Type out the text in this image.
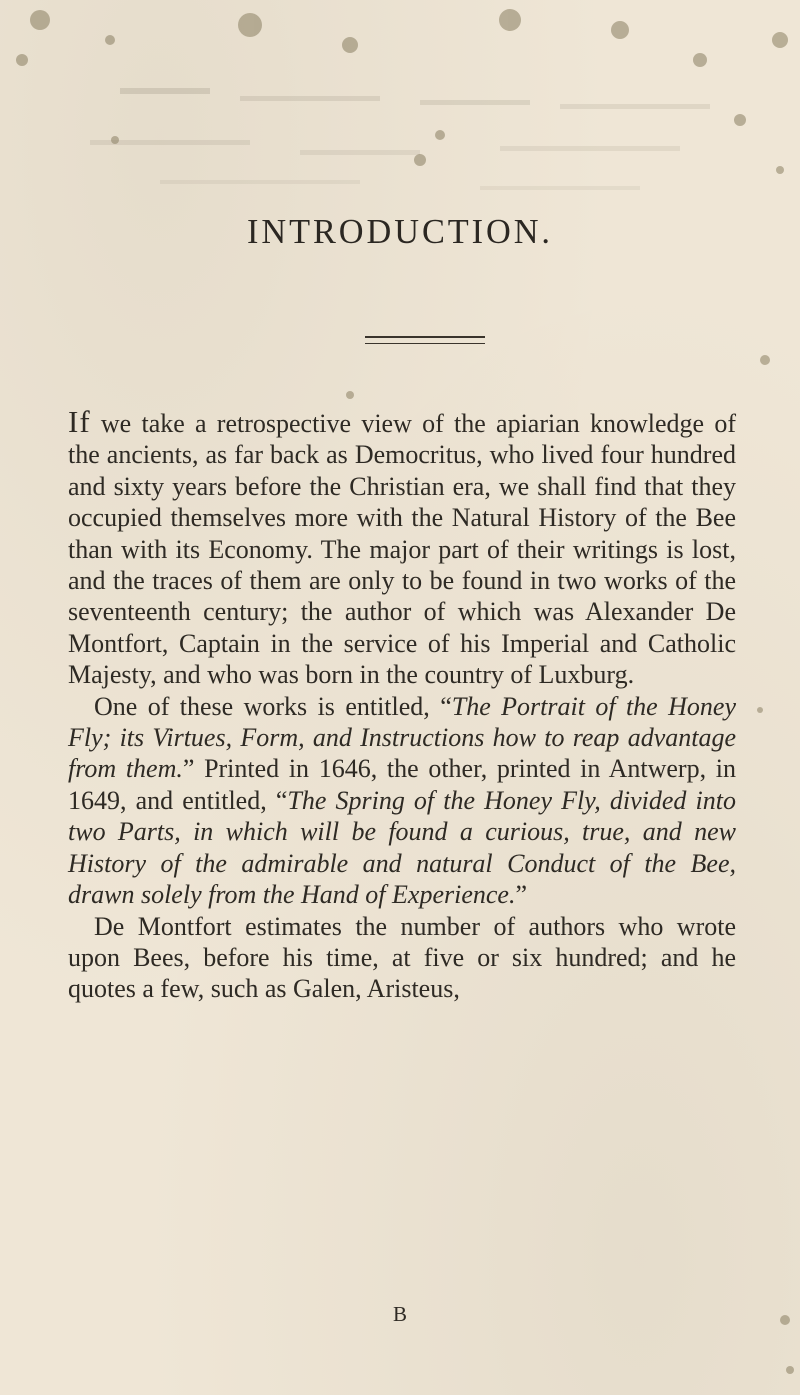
INTRODUCTION.

If we take a retrospective view of the apiarian knowledge of the ancients, as far back as Democritus, who lived four hundred and sixty years before the Christian era, we shall find that they occupied themselves more with the Natural History of the Bee than with its Economy. The major part of their writings is lost, and the traces of them are only to be found in two works of the seventeenth century; the author of which was Alexander De Montfort, Captain in the service of his Imperial and Catholic Majesty, and who was born in the country of Luxburg.

One of these works is entitled, “The Portrait of the Honey Fly; its Virtues, Form, and Instructions how to reap advantage from them.” Printed in 1646, the other, printed in Antwerp, in 1649, and entitled, “The Spring of the Honey Fly, divided into two Parts, in which will be found a curious, true, and new History of the admirable and natural Conduct of the Bee, drawn solely from the Hand of Experience.”

De Montfort estimates the number of authors who wrote upon Bees, before his time, at five or six hundred; and he quotes a few, such as Galen, Aristeus,

B
